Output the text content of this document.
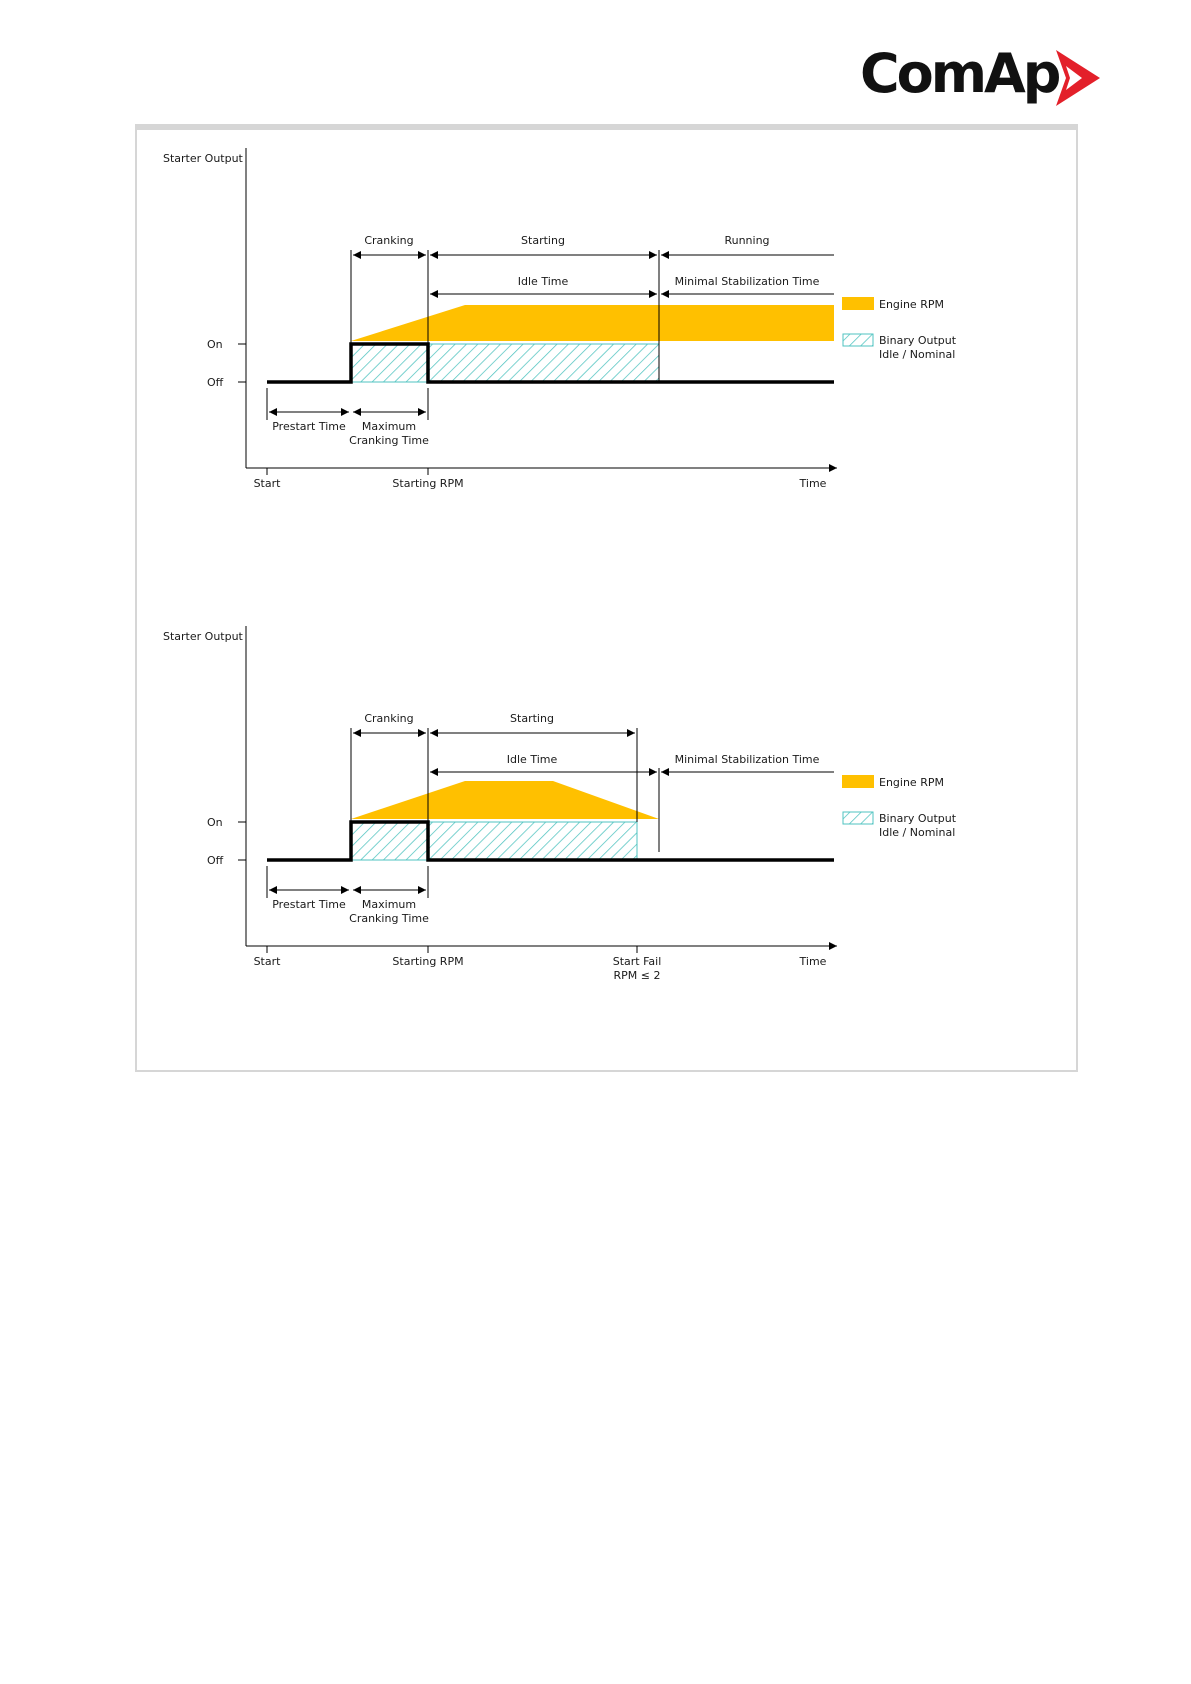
ComAp
Starter Output
On
Off
Cranking	Starting	Running
Idle Time	Minimal Stabilization Time
Prestart Time Maximum
Cranking Time
Start	Starting RPM	Time
Engine RPM
Binary Output
Idle / Nominal
Starter Output
On
Off
Cranking	Starting
Idle Time	Minimal Stabilization Time
Prestart Time Maximum
Cranking Time
Start	Starting RPM	Start Fail
RPM ≤ 2
Time
Engine RPM
Binary Output
Idle / Nominal
